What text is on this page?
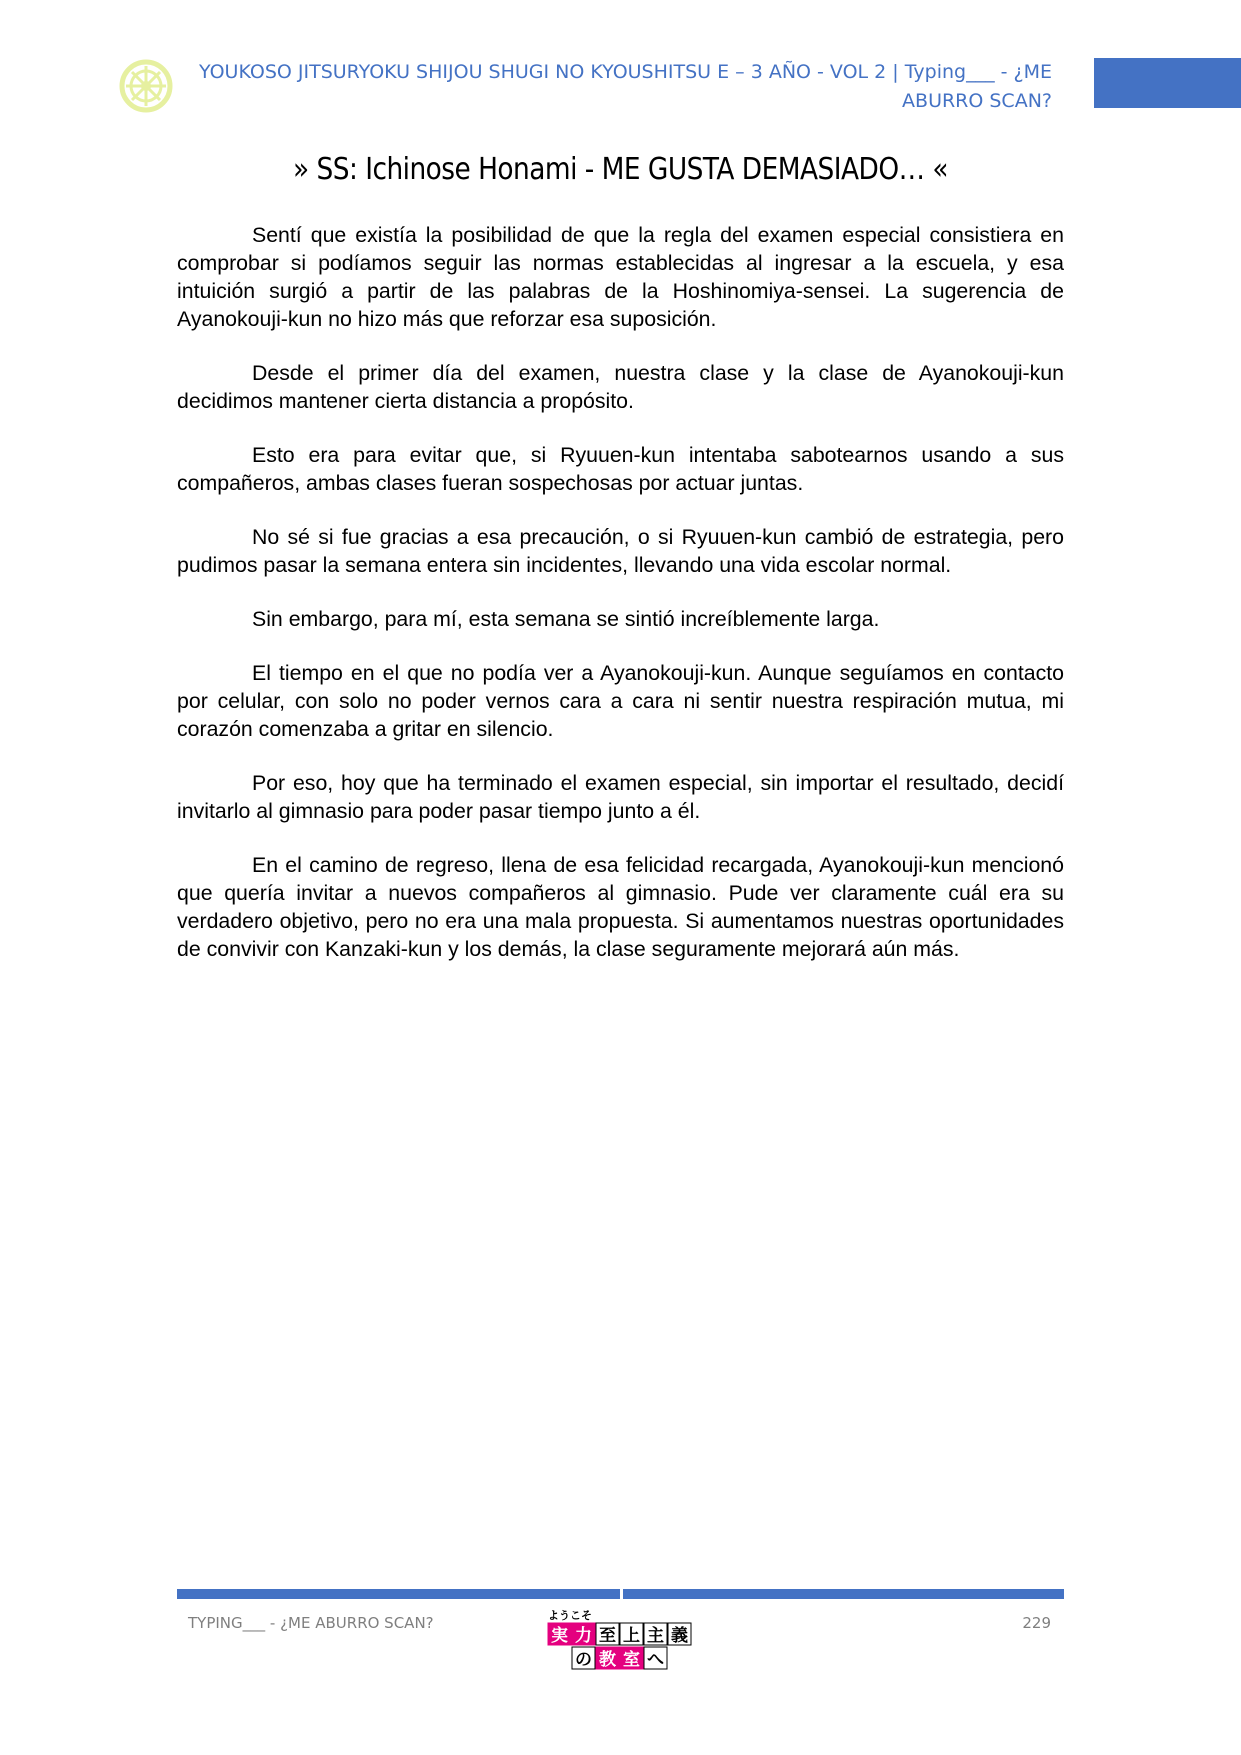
YOUKOSO JITSURYOKU SHIJOU SHUGI NO KYOUSHITSU E – 3 AÑO - VOL 2 | Typing___ - ¿ME ABURRO SCAN?
» SS: Ichinose Honami - ME GUSTA DEMASIADO… «

Sentí que existía la posibilidad de que la regla del examen especial consistiera en comprobar si podíamos seguir las normas establecidas al ingresar a la escuela, y esa intuición surgió a partir de las palabras de la Hoshinomiya-sensei. La sugerencia de Ayanokouji-kun no hizo más que reforzar esa suposición.

Desde el primer día del examen, nuestra clase y la clase de Ayanokouji-kun decidimos mantener cierta distancia a propósito.

Esto era para evitar que, si Ryuuen-kun intentaba sabotearnos usando a sus compañeros, ambas clases fueran sospechosas por actuar juntas.

No sé si fue gracias a esa precaución, o si Ryuuen-kun cambió de estrategia, pero pudimos pasar la semana entera sin incidentes, llevando una vida escolar normal.

Sin embargo, para mí, esta semana se sintió increíblemente larga.

El tiempo en el que no podía ver a Ayanokouji-kun. Aunque seguíamos en contacto por celular, con solo no poder vernos cara a cara ni sentir nuestra respiración mutua, mi corazón comenzaba a gritar en silencio.

Por eso, hoy que ha terminado el examen especial, sin importar el resultado, decidí invitarlo al gimnasio para poder pasar tiempo junto a él.

En el camino de regreso, llena de esa felicidad recargada, Ayanokouji-kun mencionó que quería invitar a nuevos compañeros al gimnasio. Pude ver claramente cuál era su verdadero objetivo, pero no era una mala propuesta. Si aumentamos nuestras oportunidades de convivir con Kanzaki-kun y los demás, la clase seguramente mejorará aún más.

TYPING___ - ¿ME ABURRO SCAN?	229
ようこそ
実 力 至 上 主 義
の 教 室 へ
